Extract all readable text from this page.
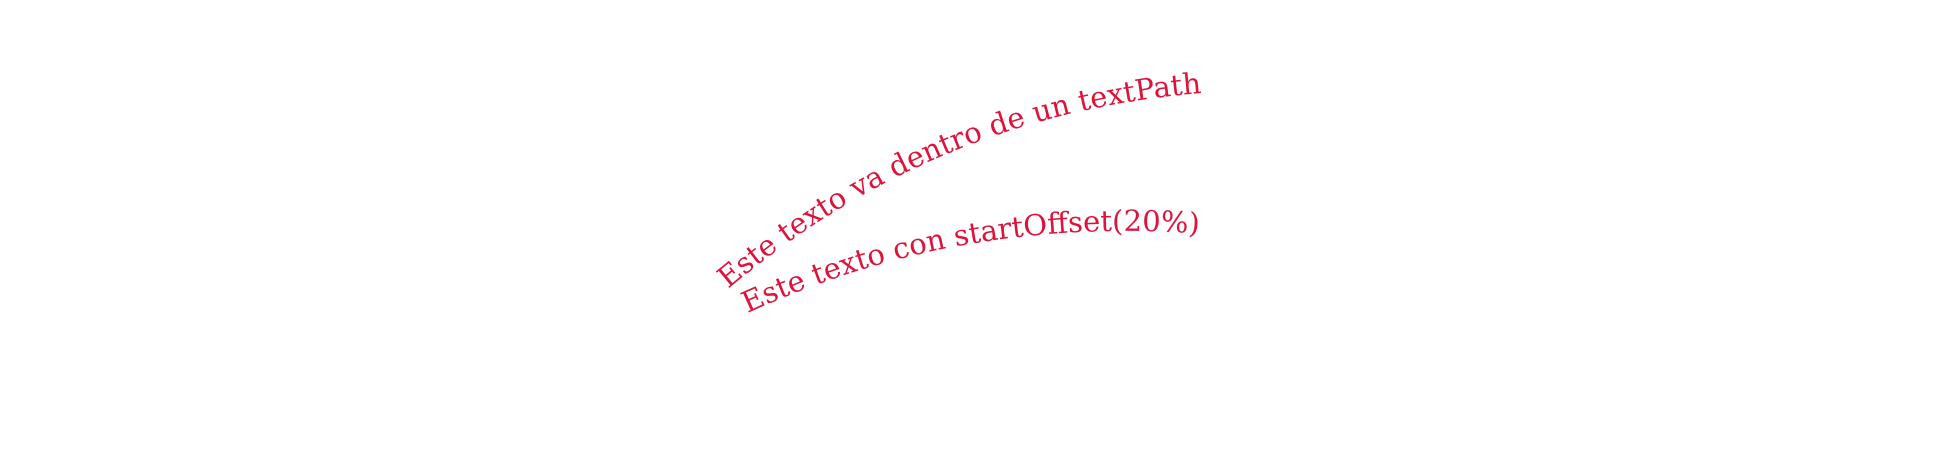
Este texto va dentro de un textPath
Este texto con startOffset(20%)
